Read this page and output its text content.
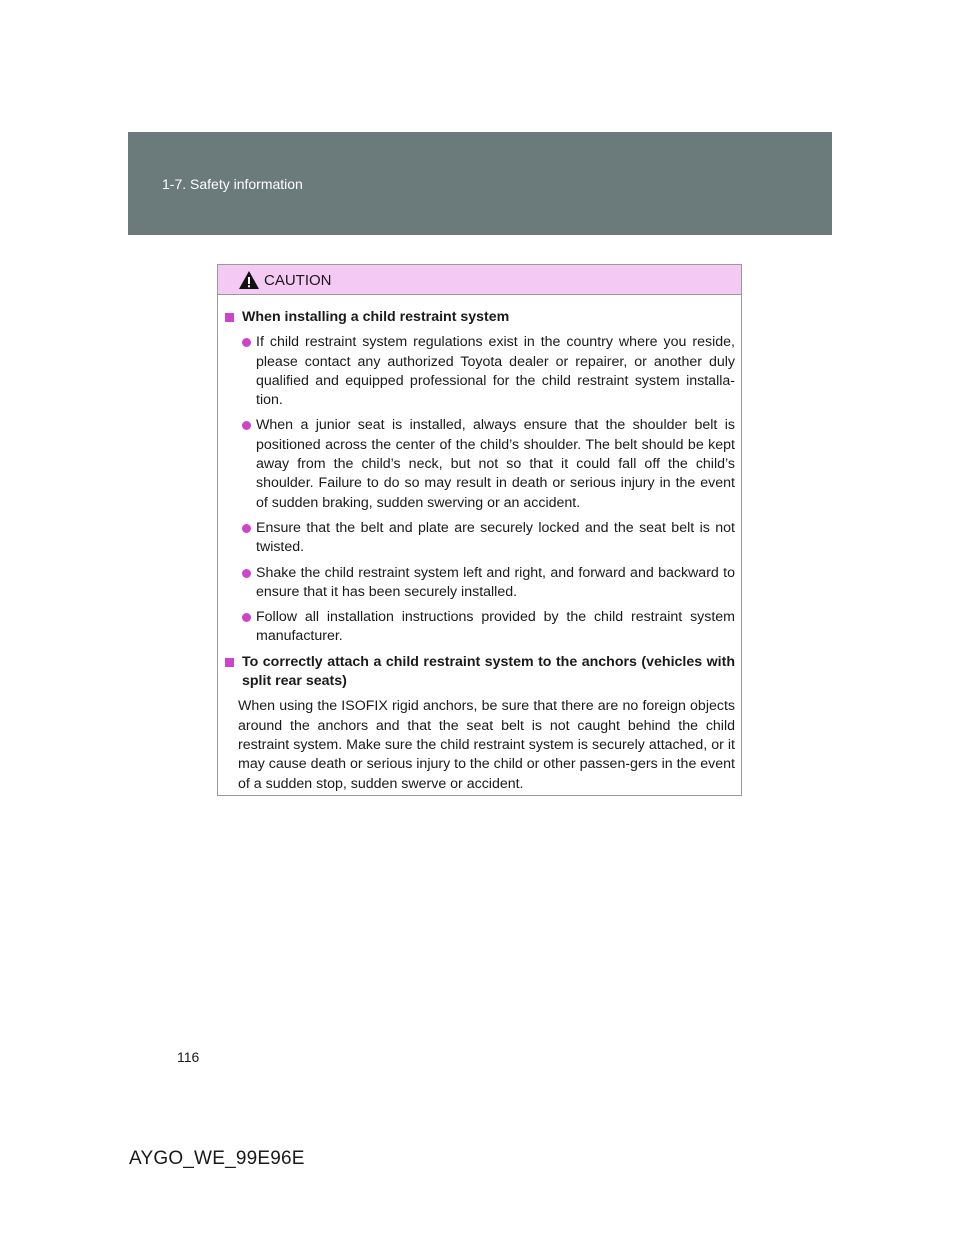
1-7. Safety information
CAUTION
When installing a child restraint system
If child restraint system regulations exist in the country where you reside, please contact any authorized Toyota dealer or repairer, or another duly qualified and equipped professional for the child restraint system installa-tion.
When a junior seat is installed, always ensure that the shoulder belt is positioned across the center of the child’s shoulder. The belt should be kept away from the child’s neck, but not so that it could fall off the child’s shoulder. Failure to do so may result in death or serious injury in the event of sudden braking, sudden swerving or an accident.
Ensure that the belt and plate are securely locked and the seat belt is not twisted.
Shake the child restraint system left and right, and forward and backward to ensure that it has been securely installed.
Follow all installation instructions provided by the child restraint system manufacturer.
To correctly attach a child restraint system to the anchors (vehicles with split rear seats)
When using the ISOFIX rigid anchors, be sure that there are no foreign objects around the anchors and that the seat belt is not caught behind the child restraint system. Make sure the child restraint system is securely attached, or it may cause death or serious injury to the child or other passen-gers in the event of a sudden stop, sudden swerve or accident.
116
AYGO_WE_99E96E
